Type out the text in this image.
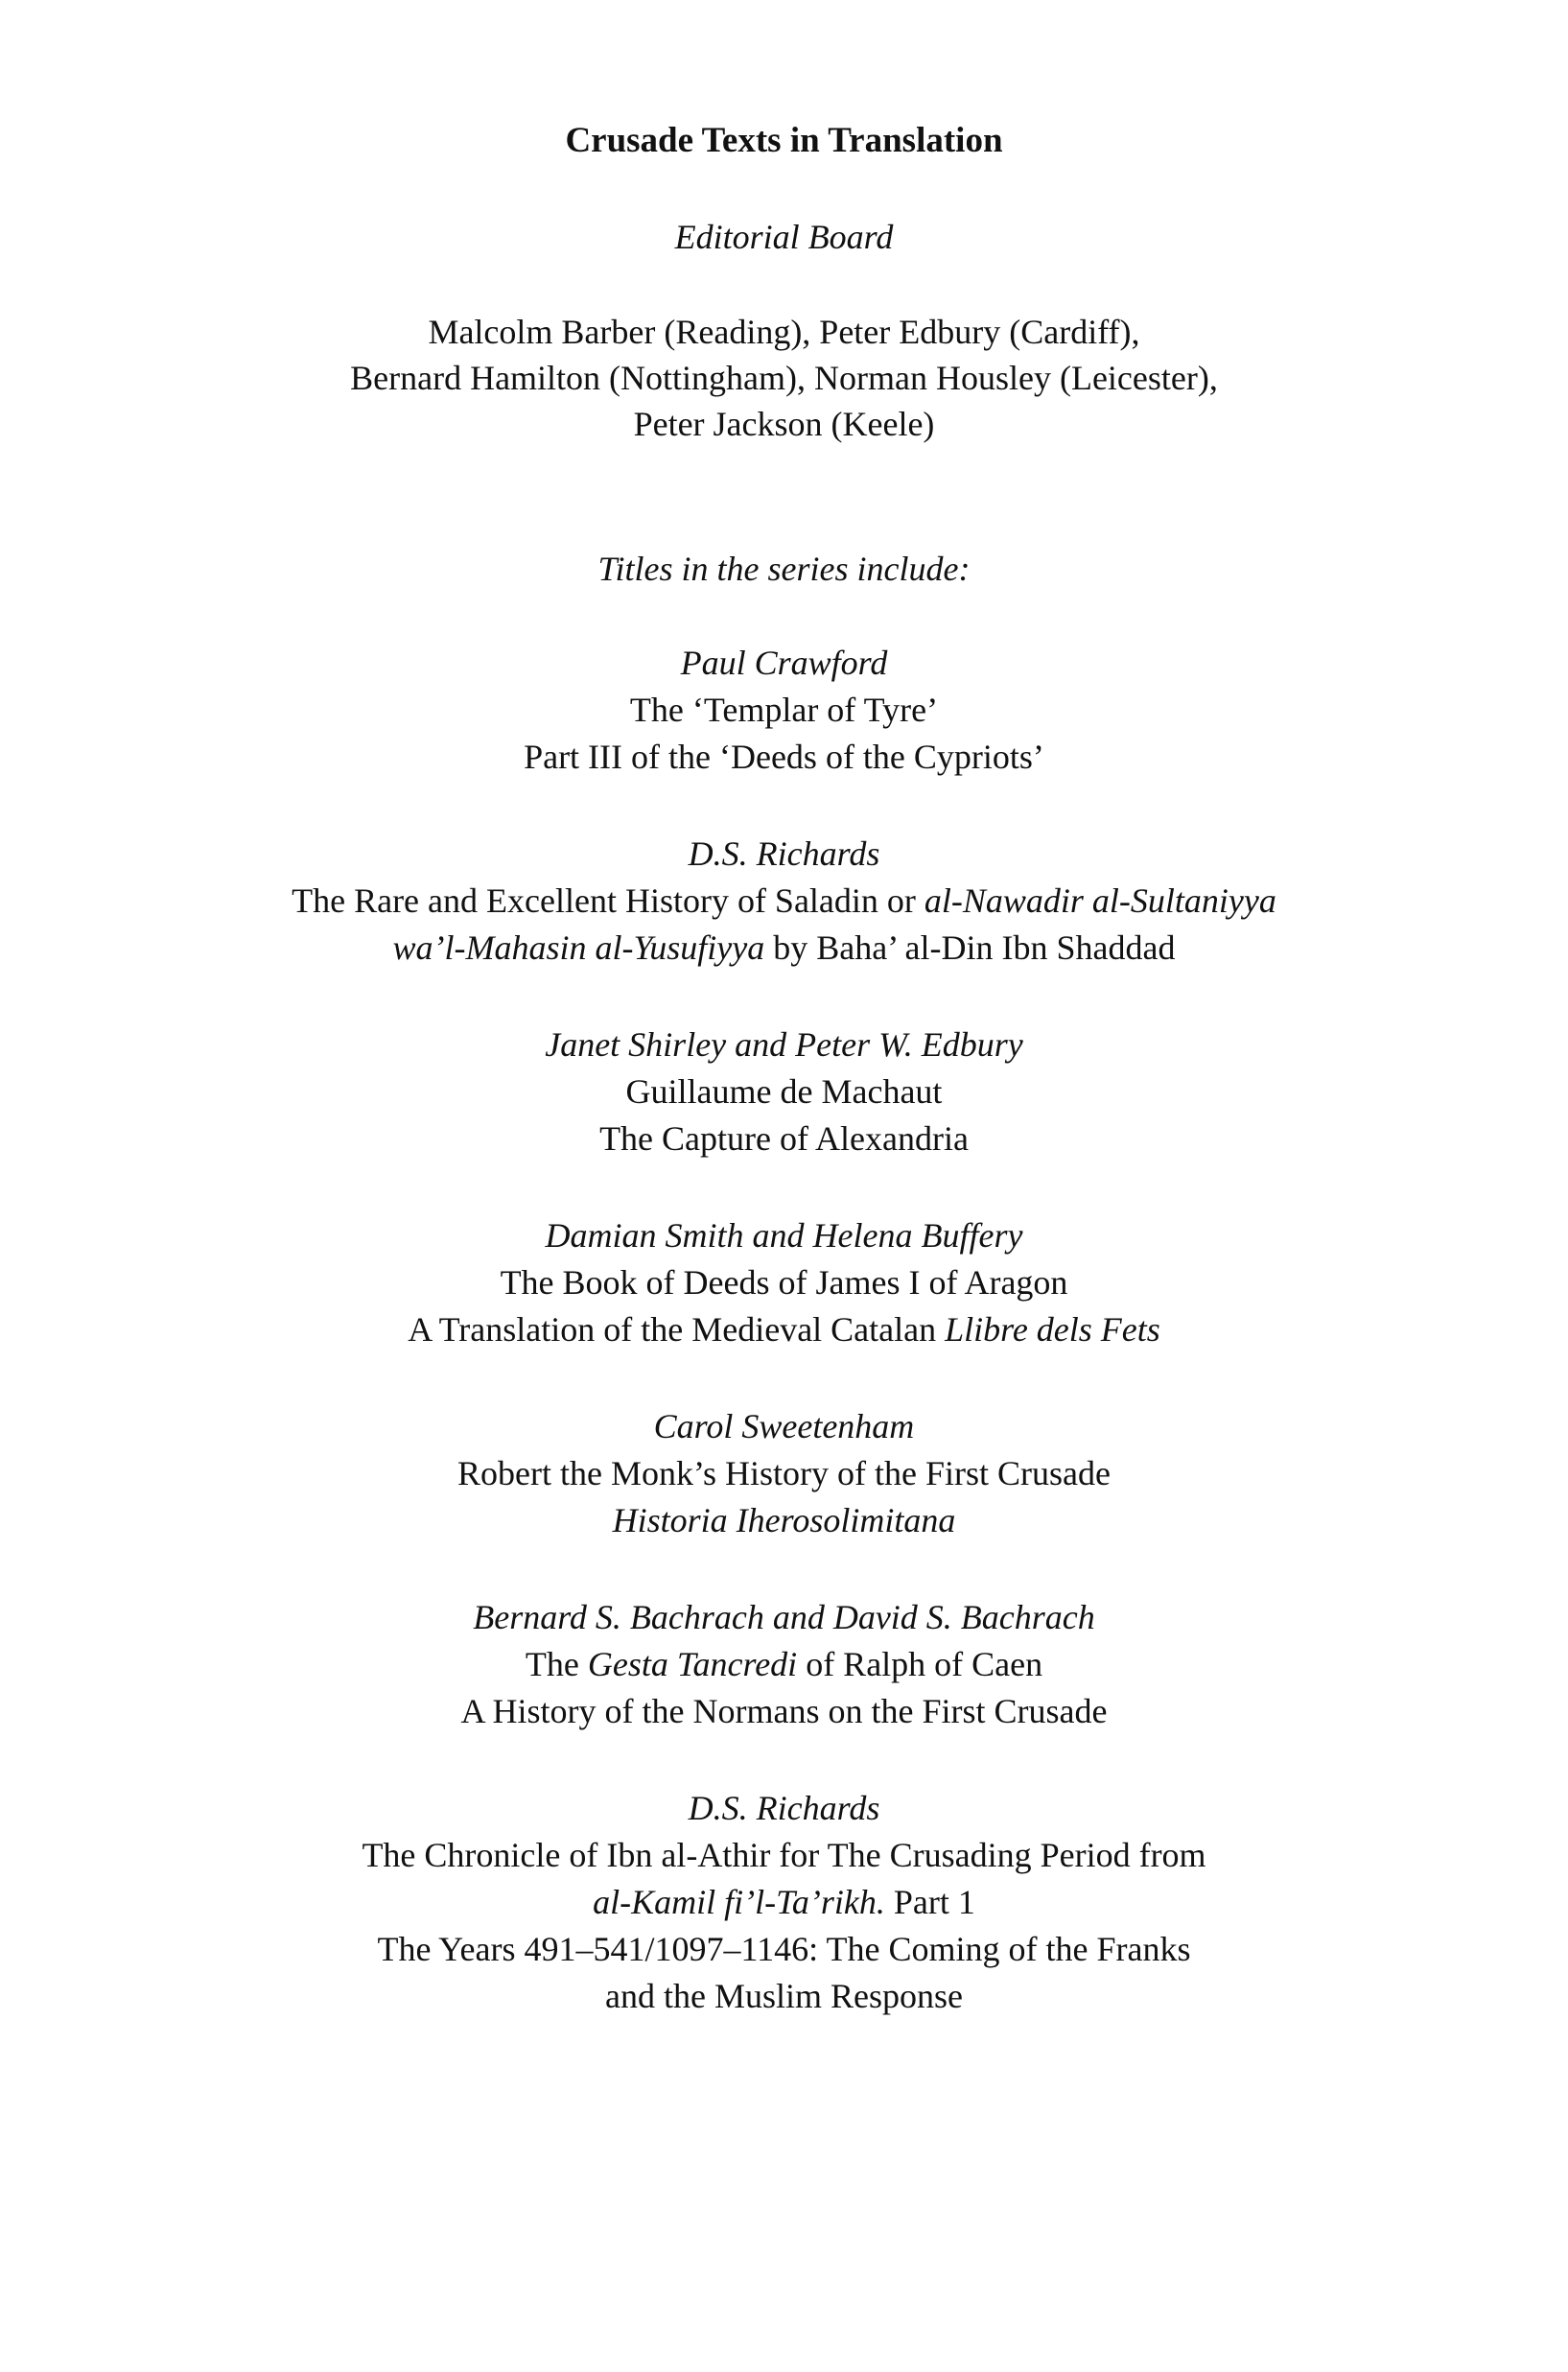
Crusade Texts in Translation
Editorial Board
Malcolm Barber (Reading), Peter Edbury (Cardiff),
Bernard Hamilton (Nottingham), Norman Housley (Leicester),
Peter Jackson (Keele)
Titles in the series include:
Paul Crawford
The ‘Templar of Tyre’
Part III of the ‘Deeds of the Cypriots’
D.S. Richards
The Rare and Excellent History of Saladin or al-Nawadir al-Sultaniyya
wa’l-Mahasin al-Yusufiyya by Baha’ al-Din Ibn Shaddad
Janet Shirley and Peter W. Edbury
Guillaume de Machaut
The Capture of Alexandria
Damian Smith and Helena Buffery
The Book of Deeds of James I of Aragon
A Translation of the Medieval Catalan Llibre dels Fets
Carol Sweetenham
Robert the Monk’s History of the First Crusade
Historia Iherosolimitana
Bernard S. Bachrach and David S. Bachrach
The Gesta Tancredi of Ralph of Caen
A History of the Normans on the First Crusade
D.S. Richards
The Chronicle of Ibn al-Athir for The Crusading Period from
al-Kamil fi’l-Ta’rikh. Part 1
The Years 491–541/1097–1146: The Coming of the Franks
and the Muslim Response
